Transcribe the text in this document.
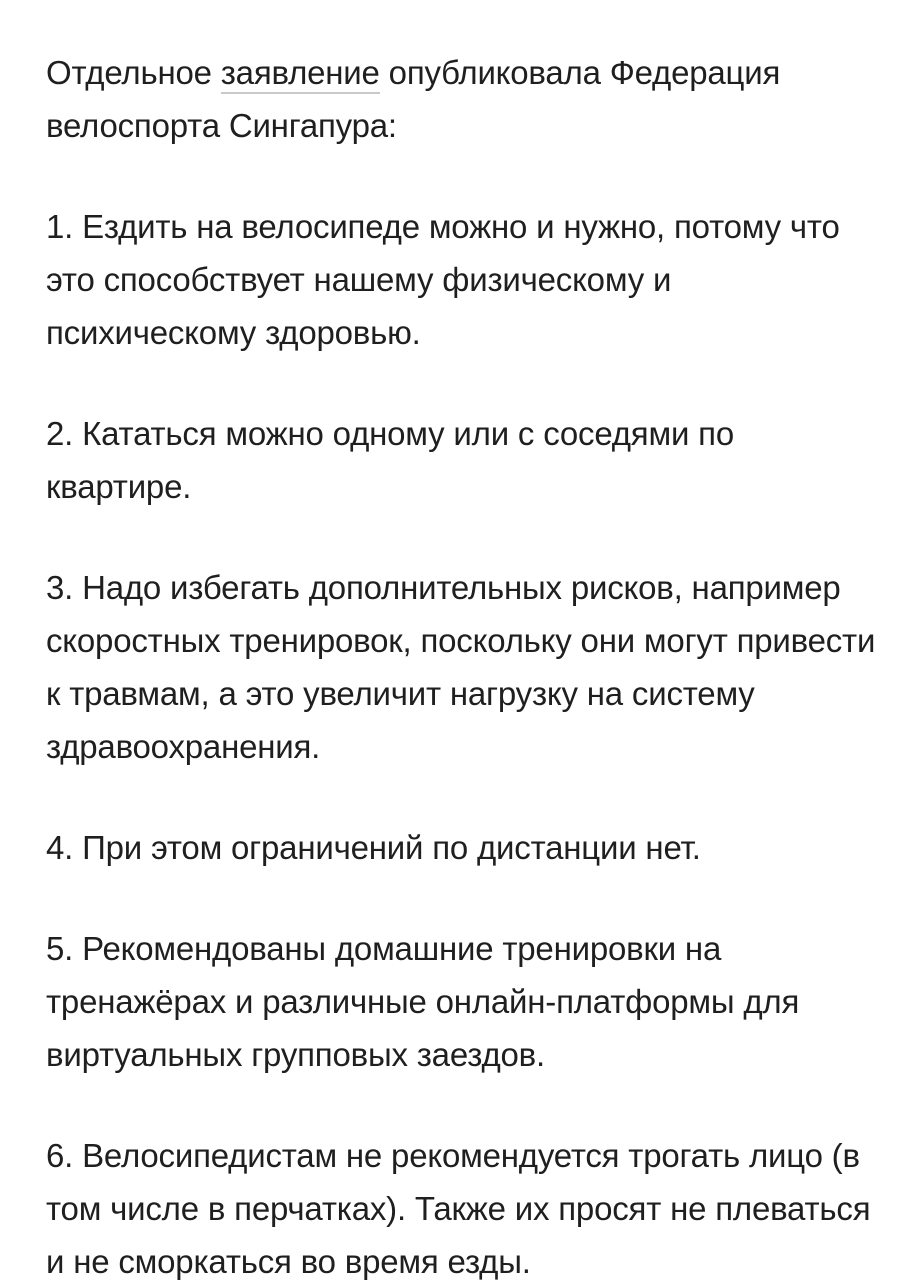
Отдельное заявление опубликовала Федерация велоспорта Сингапура:

1. Ездить на велосипеде можно и нужно, потому что это способствует нашему физическому и психическому здоровью.

2. Кататься можно одному или с соседями по квартире.

3. Надо избегать дополнительных рисков, например скоростных тренировок, поскольку они могут привести к травмам, а это увеличит нагрузку на систему здравоохранения.

4. При этом ограничений по дистанции нет.

5. Рекомендованы домашние тренировки на тренажёрах и различные онлайн-платформы для виртуальных групповых заездов.

6. Велосипедистам не рекомендуется трогать лицо (в том числе в перчатках). Также их просят не плеваться и не сморкаться во время езды.
